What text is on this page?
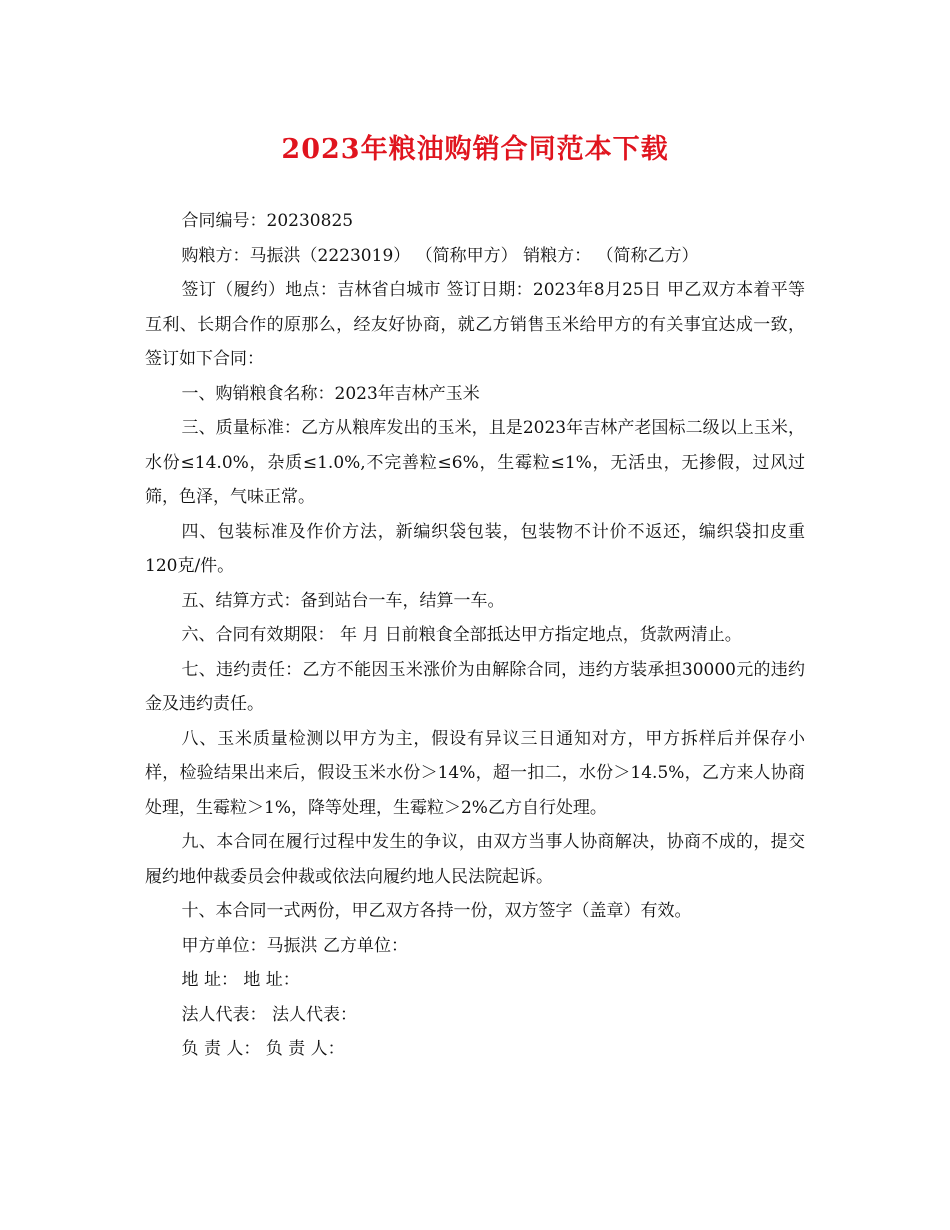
2023年粮油购销合同范本下载

合同编号：20230825

购粮方：马振洪（2223019） （简称甲方） 销粮方： （简称乙方）

签订（履约）地点：吉林省白城市 签订日期：2023年8月25日 甲乙双方本着平等互利、长期合作的原那么，经友好协商，就乙方销售玉米给甲方的有关事宜达成一致，签订如下合同：

一、购销粮食名称：2023年吉林产玉米

三、质量标准：乙方从粮库发出的玉米，且是2023年吉林产老国标二级以上玉米，水份≤14.0%，杂质≤1.0%,不完善粒≤6%，生霉粒≤1%，无活虫，无掺假，过风过筛，色泽，气味正常。

四、包装标准及作价方法，新编织袋包装，包装物不计价不返还，编织袋扣皮重120克/件。

五、结算方式：备到站台一车，结算一车。

六、合同有效期限： 年 月 日前粮食全部抵达甲方指定地点，货款两清止。

七、违约责任：乙方不能因玉米涨价为由解除合同，违约方装承担30000元的违约金及违约责任。

八、玉米质量检测以甲方为主，假设有异议三日通知对方，甲方拆样后并保存小样，检验结果出来后，假设玉米水份＞14%，超一扣二，水份＞14.5%，乙方来人协商处理，生霉粒＞1%，降等处理，生霉粒＞2%乙方自行处理。

九、本合同在履行过程中发生的争议，由双方当事人协商解决，协商不成的，提交履约地仲裁委员会仲裁或依法向履约地人民法院起诉。

十、本合同一式两份，甲乙双方各持一份，双方签字（盖章）有效。

甲方单位：马振洪 乙方单位：

地 址： 地 址：

法人代表： 法人代表：

负 责 人： 负 责 人：
